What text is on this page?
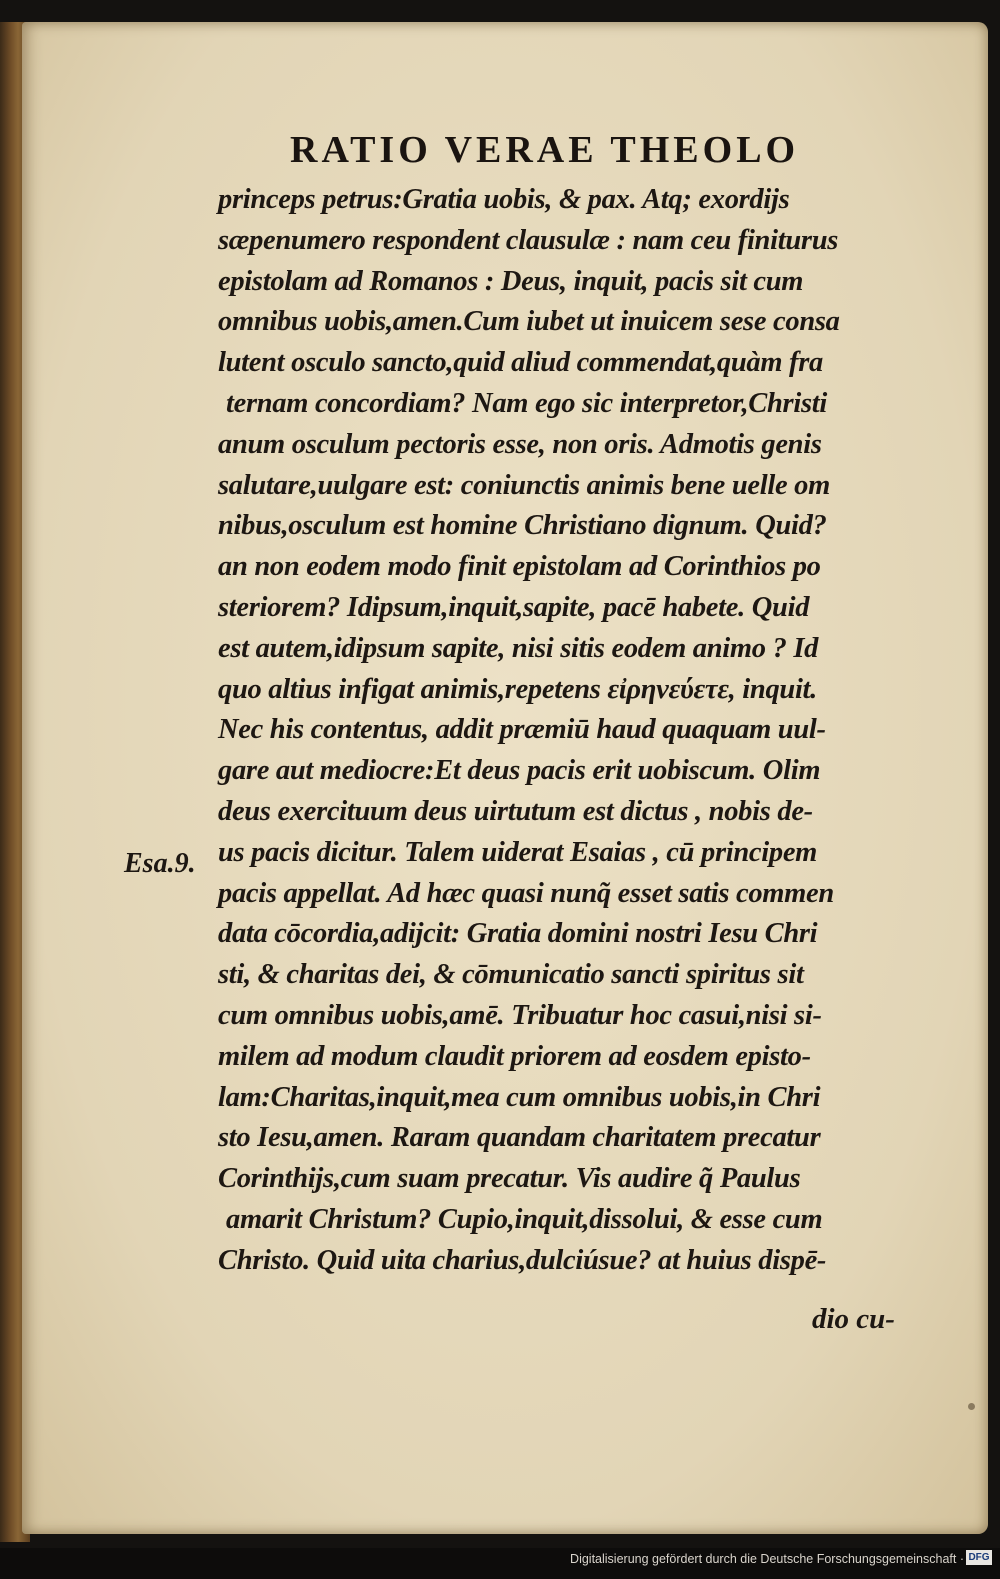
RATIO VERAE THEOLO
Esa.9.
princeps petrus:Gratia uobis, & pax. Atq; exordijs
sæpenumero respondent clausulæ : nam ceu finiturus
epistolam ad Romanos : Deus, inquit, pacis sit cum
omnibus uobis,amen.Cum iubet ut inuicem sese consa
lutent osculo sancto,quid aliud commendat,quàm fra
ternam concordiam? Nam ego sic interpretor,Christi
anum osculum pectoris esse, non oris. Admotis genis
salutare,uulgare est: coniunctis animis bene uelle om
nibus,osculum est homine Christiano dignum. Quid?
an non eodem modo finit epistolam ad Corinthios po
steriorem? Idipsum,inquit,sapite, pacē habete. Quid
est autem,idipsum sapite, nisi sitis eodem animo ? Id
quo altius infigat animis,repetens εἰρηνεύετε, inquit.
Nec his contentus, addit præmiū haud quaquam uul-
gare aut mediocre:Et deus pacis erit uobiscum. Olim
deus exercituum deus uirtutum est dictus , nobis de-
us pacis dicitur. Talem uiderat Esaias , cū principem
pacis appellat. Ad hæc quasi nunq̃ esset satis commen
data cōcordia,adijcit: Gratia domini nostri Iesu Chri
sti, & charitas dei, & cōmunicatio sancti spiritus sit
cum omnibus uobis,amē. Tribuatur hoc casui,nisi si-
milem ad modum claudit priorem ad eosdem episto-
lam:Charitas,inquit,mea cum omnibus uobis,in Chri
sto Iesu,amen. Raram quandam charitatem precatur
Corinthijs,cum suam precatur. Vis audire q̃ Paulus
amarit Christum? Cupio,inquit,dissolui, & esse cum
Christo. Quid uita charius,dulciúsue? at huius dispē-
dio cu-
Digitalisierung gefördert durch die Deutsche Forschungsgemeinschaft · DFG
